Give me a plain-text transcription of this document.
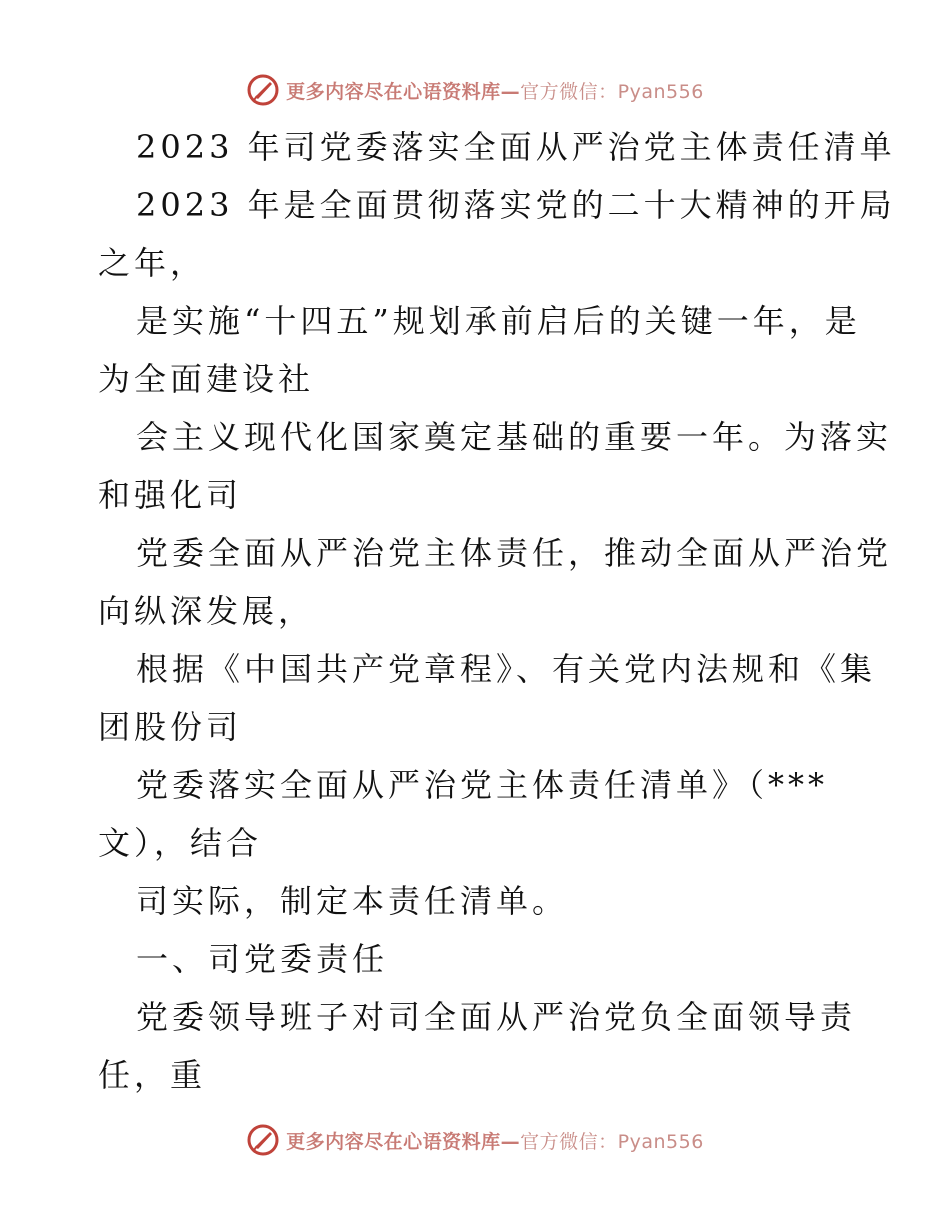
更多内容尽在心语资料库—官方微信：Pyan556
2023 年司党委落实全面从严治党主体责任清单
2023 年是全面贯彻落实党的二十大精神的开局
之年，
是实施“十四五”规划承前启后的关键一年，是
为全面建设社
会主义现代化国家奠定基础的重要一年。为落实
和强化司
党委全面从严治党主体责任，推动全面从严治党
向纵深发展，
根据《中国共产党章程》、有关党内法规和《集
团股份司
党委落实全面从严治党主体责任清单》（***
文），结合
司实际，制定本责任清单。
一、司党委责任
党委领导班子对司全面从严治党负全面领导责
任，重
更多内容尽在心语资料库—官方微信：Pyan556
